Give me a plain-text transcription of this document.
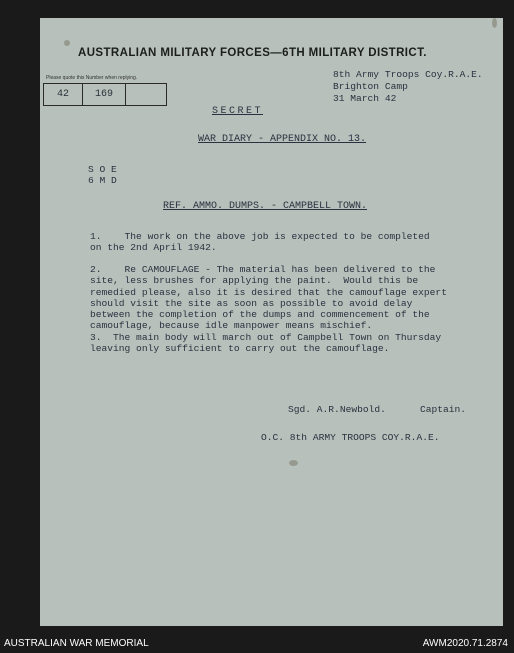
AUSTRALIAN MILITARY FORCES—6TH MILITARY DISTRICT.
Please quote this Number when replying.
42	169
SECRET
8th Army Troops Coy.R.A.E.
Brighton Camp
31 March 42
WAR DIARY - APPENDIX NO. 13.
S O E
6 M D
REF. AMMO. DUMPS. - CAMPBELL TOWN.
1.    The work on the above job is expected to be completed
on the 2nd April 1942.
2.    Re CAMOUFLAGE - The material has been delivered to the
site, less brushes for applying the paint.  Would this be
remedied please, also it is desired that the camouflage expert
should visit the site as soon as possible to avoid delay
between the completion of the dumps and commencement of the
camouflage, because idle manpower means mischief.
3.  The main body will march out of Campbell Town on Thursday
leaving only sufficient to carry out the camouflage.
Sgd. A.R.Newbold.	Captain.
O.C. 8th ARMY TROOPS COY.R.A.E.
AUSTRALIAN WAR MEMORIAL	AWM2020.71.2874
